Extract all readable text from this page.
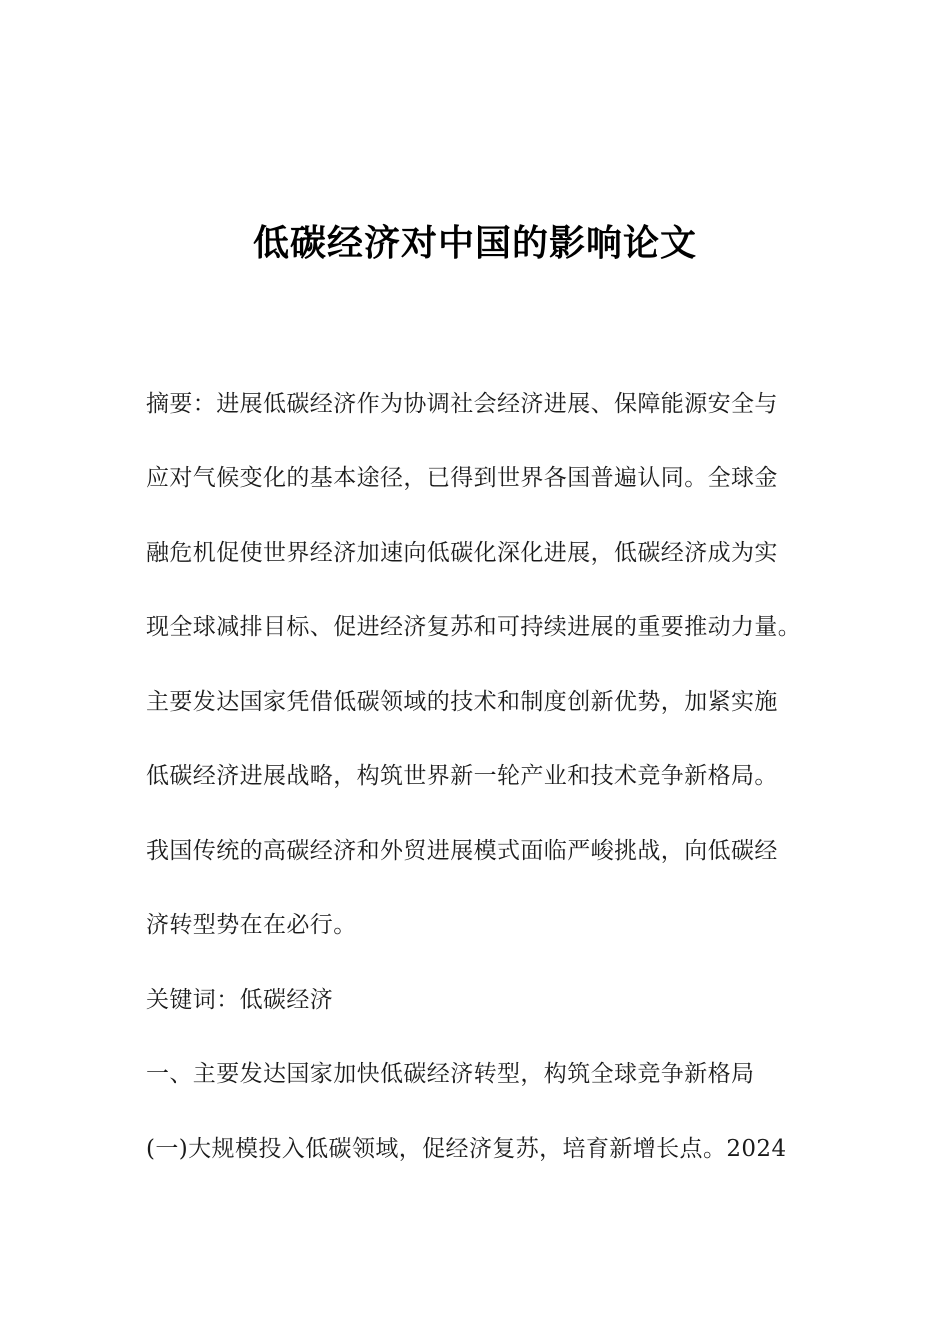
低碳经济对中国的影响论文
摘要：进展低碳经济作为协调社会经济进展、保障能源安全与
应对气候变化的基本途径，已得到世界各国普遍认同。全球金
融危机促使世界经济加速向低碳化深化进展，低碳经济成为实
现全球减排目标、促进经济复苏和可持续进展的重要推动力量。
主要发达国家凭借低碳领域的技术和制度创新优势，加紧实施
低碳经济进展战略，构筑世界新一轮产业和技术竞争新格局。
我国传统的高碳经济和外贸进展模式面临严峻挑战，向低碳经
济转型势在在必行。
关键词：低碳经济
一、主要发达国家加快低碳经济转型，构筑全球竞争新格局
(一)大规模投入低碳领域，促经济复苏，培育新增长点。2024
